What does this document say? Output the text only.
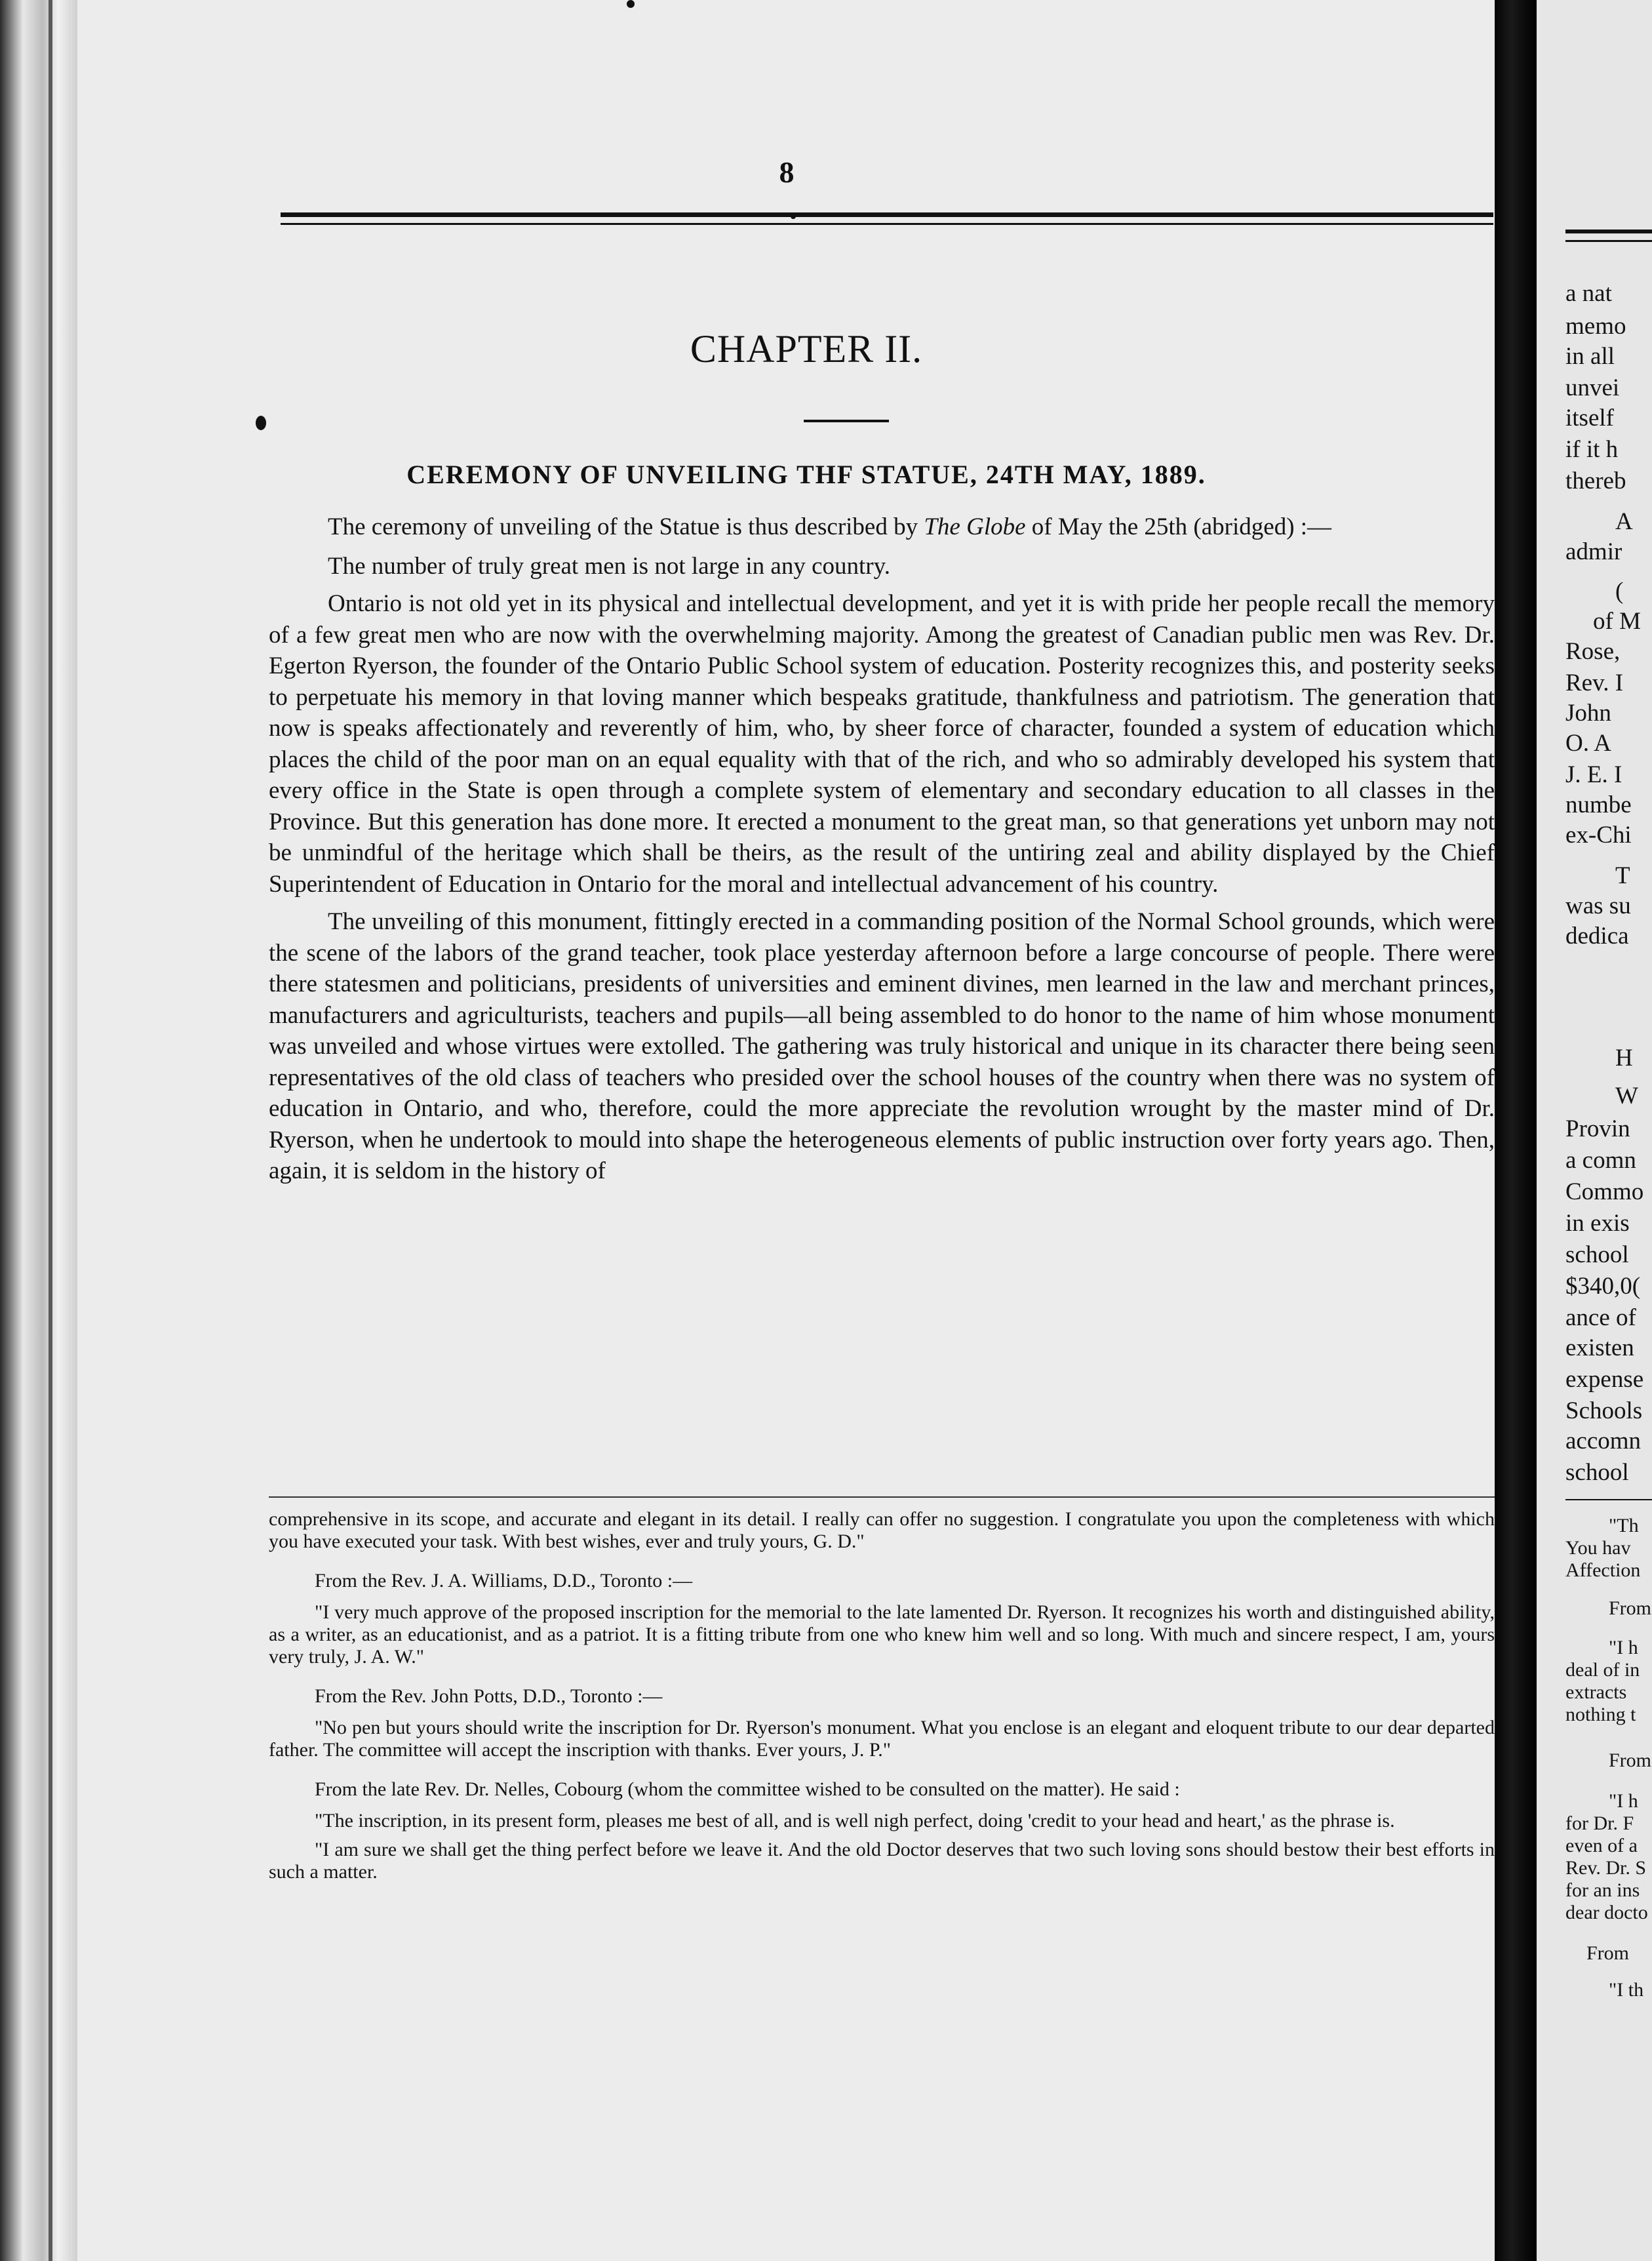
8
CHAPTER II.
CEREMONY OF UNVEILING THF STATUE, 24TH MAY, 1889.

The ceremony of unveiling of the Statue is thus described by The Globe of May the 25th (abridged) :—

The number of truly great men is not large in any country.

Ontario is not old yet in its physical and intellectual development, and yet it is with pride her people recall the memory of a few great men who are now with the overwhelming majority. Among the greatest of Canadian public men was Rev. Dr. Egerton Ryerson, the founder of the Ontario Public School system of education. Posterity recognizes this, and posterity seeks to perpetuate his memory in that loving manner which bespeaks gratitude, thankfulness and patriotism. The generation that now is speaks affectionately and reverently of him, who, by sheer force of character, founded a system of education which places the child of the poor man on an equal equality with that of the rich, and who so admirably developed his system that every office in the State is open through a complete system of elementary and secondary education to all classes in the Province. But this generation has done more. It erected a monument to the great man, so that generations yet unborn may not be unmindful of the heritage which shall be theirs, as the result of the untiring zeal and ability displayed by the Chief Superintendent of Education in Ontario for the moral and intellectual advancement of his country.

The unveiling of this monument, fittingly erected in a commanding position of the Normal School grounds, which were the scene of the labors of the grand teacher, took place yesterday afternoon before a large concourse of people. There were there statesmen and politicians, presidents of universities and eminent divines, men learned in the law and merchant princes, manufacturers and agriculturists, teachers and pupils—all being assembled to do honor to the name of him whose monument was unveiled and whose virtues were extolled. The gathering was truly historical and unique in its character there being seen representatives of the old class of teachers who presided over the school houses of the country when there was no system of education in Ontario, and who, therefore, could the more appreciate the revolution wrought by the master mind of Dr. Ryerson, when he undertook to mould into shape the heterogeneous elements of public instruction over forty years ago. Then, again, it is seldom in the history of

comprehensive in its scope, and accurate and elegant in its detail. I really can offer no suggestion. I congratulate you upon the completeness with which you have executed your task. With best wishes, ever and truly yours, G. D."

From the Rev. J. A. Williams, D.D., Toronto :—

"I very much approve of the proposed inscription for the memorial to the late lamented Dr. Ryerson. It recognizes his worth and distinguished ability, as a writer, as an educationist, and as a patriot. It is a fitting tribute from one who knew him well and so long. With much and sincere respect, I am, yours very truly, J. A. W."

From the Rev. John Potts, D.D., Toronto :—

"No pen but yours should write the inscription for Dr. Ryerson's monument. What you enclose is an elegant and eloquent tribute to our dear departed father. The committee will accept the inscription with thanks. Ever yours, J. P."

From the late Rev. Dr. Nelles, Cobourg (whom the committee wished to be consulted on the matter). He said :

"The inscription, in its present form, pleases me best of all, and is well nigh perfect, doing 'credit to your head and heart,' as the phrase is.

"I am sure we shall get the thing perfect before we leave it. And the old Doctor deserves that two such loving sons should bestow their best efforts in such a matter.

a nat
memo
in all
unvei
itself
if it h
thereb
A
admir
(
of M
Rose,
Rev. I
John
O. A
J. E. I
numbe
ex-Chi
T
was su
dedica
H
W
Provin
a comn
Commo
in exis
school
$340,0(
ance of
existen
expense
Schools
accomn
school
"Th
You hav
Affection
From
"I h
deal of in
extracts
nothing t
From
"I h
for Dr. F
even of a
Rev. Dr. S
for an ins
dear docto
From
"I th
